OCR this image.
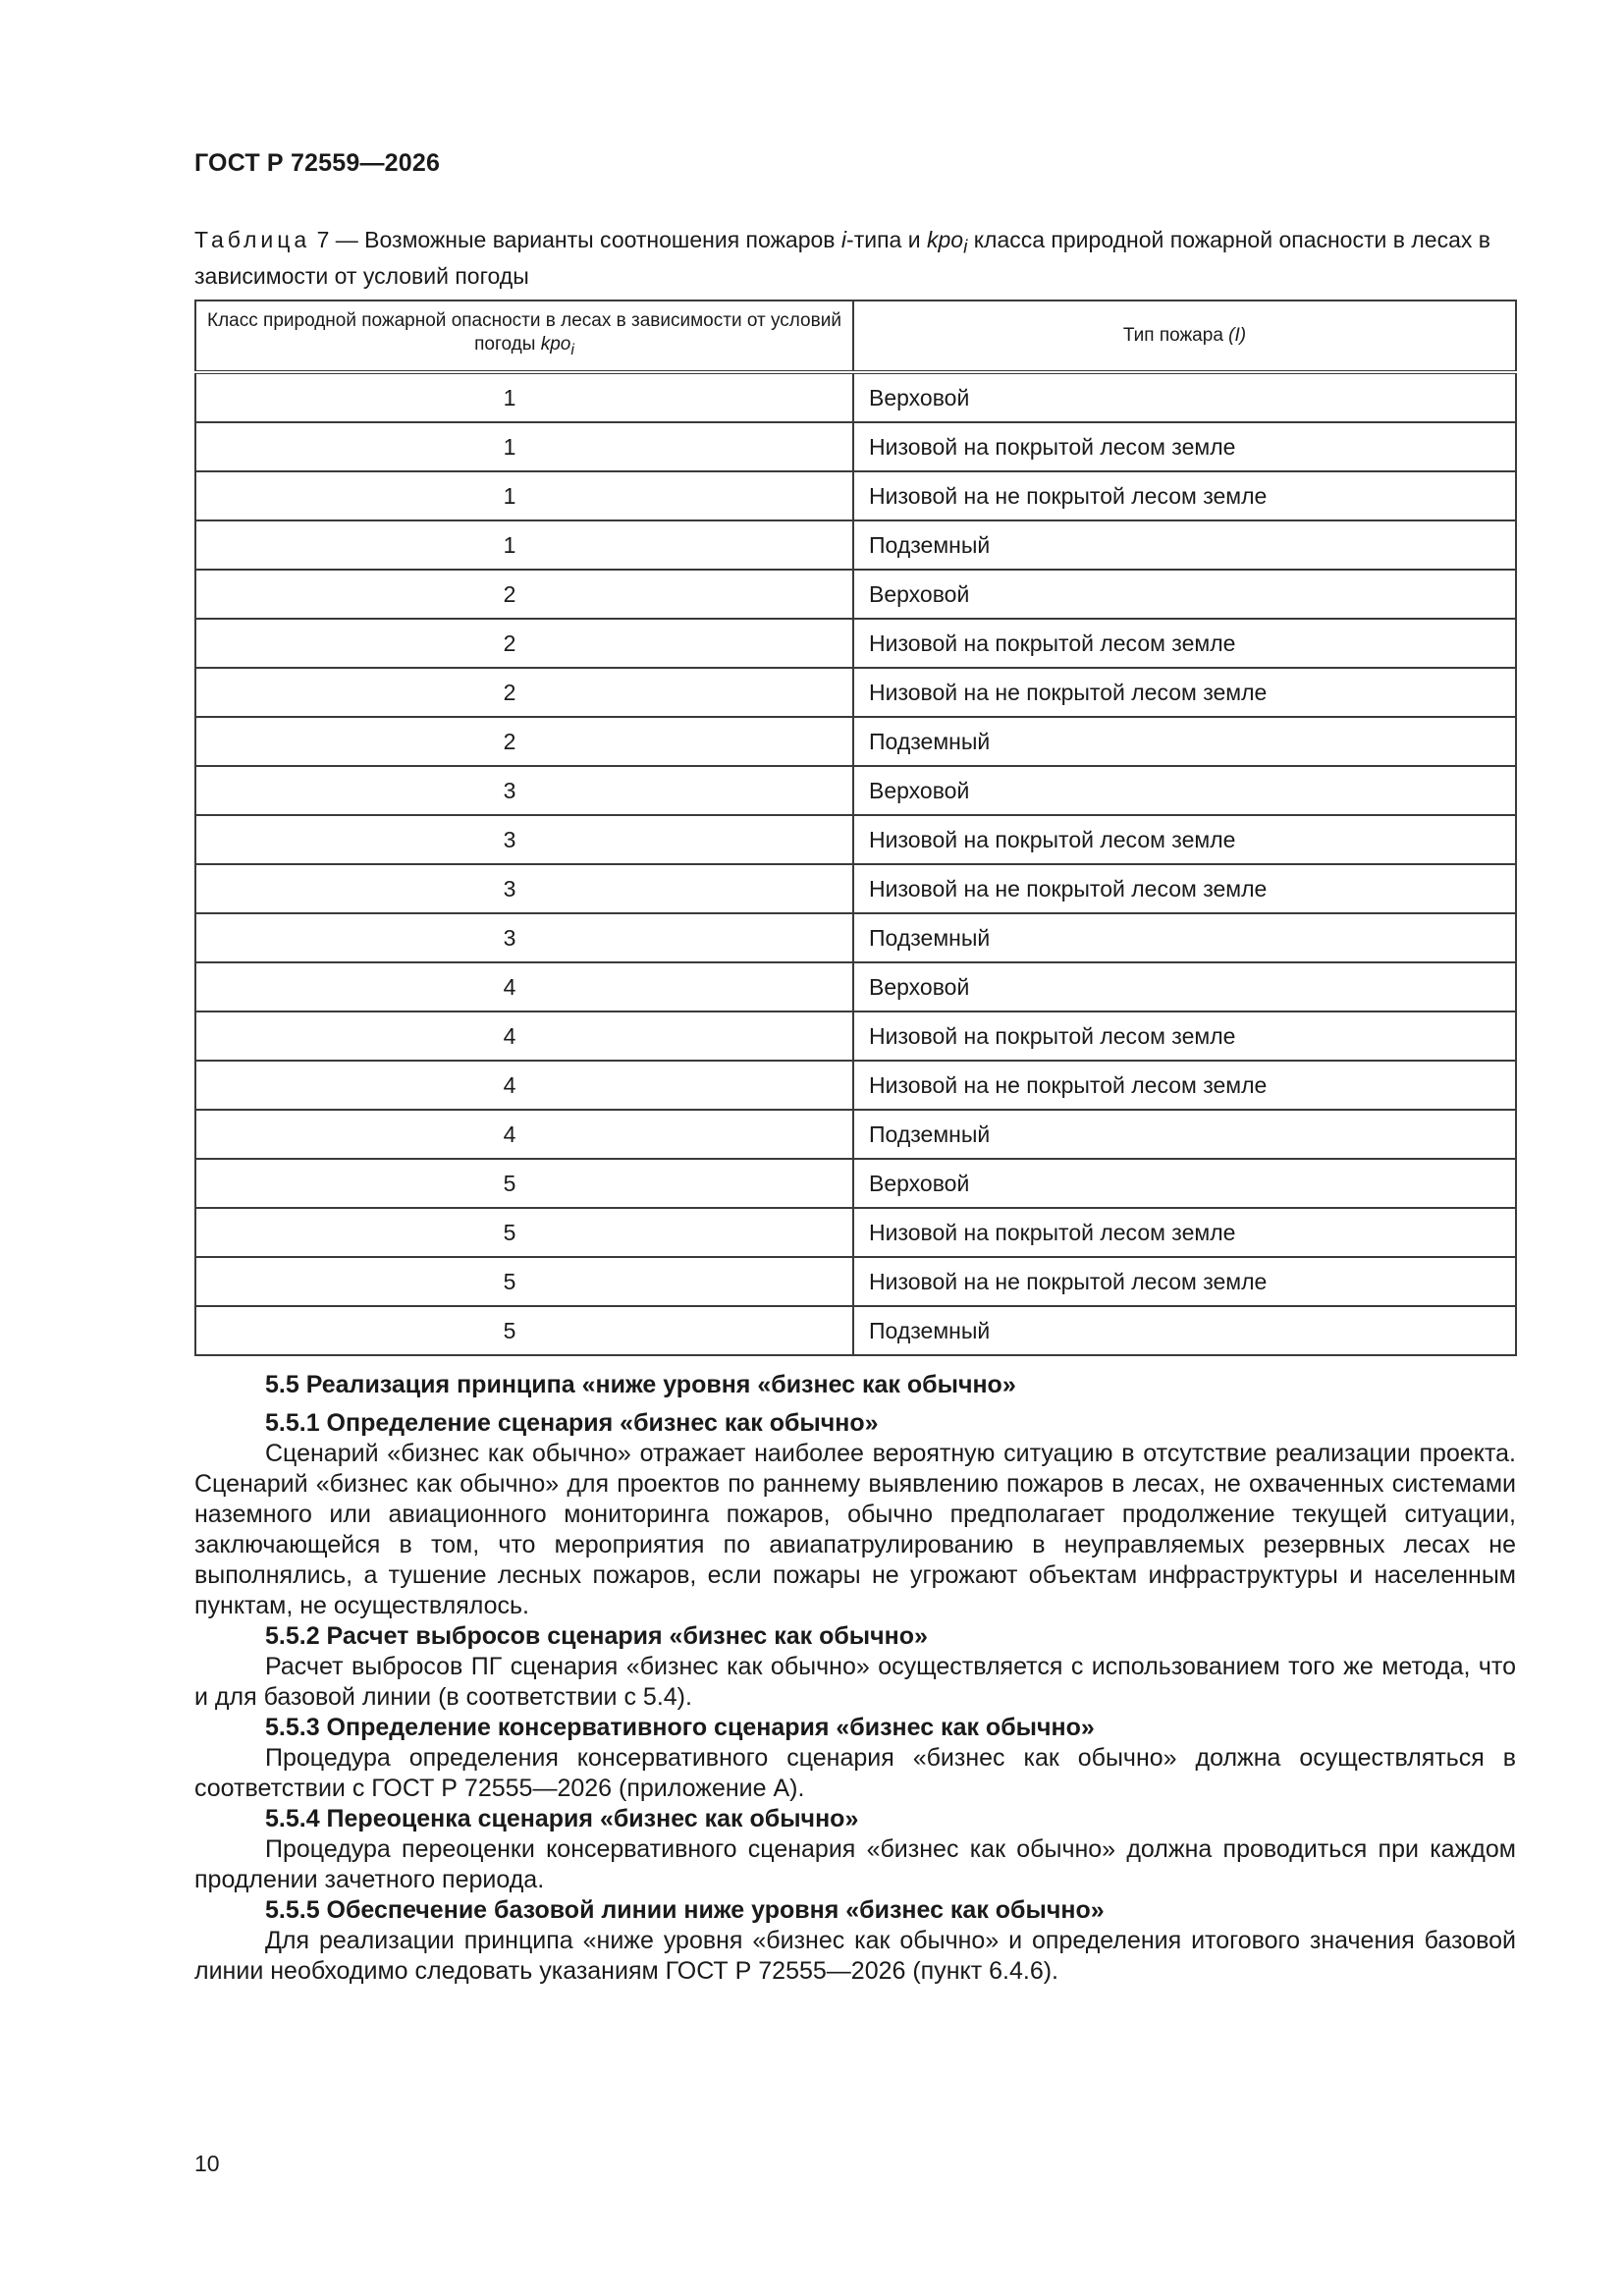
ГОСТ Р 72559—2026
Таблица 7 — Возможные варианты соотношения пожаров i-типа и kpo$_i$ класса природной пожарной опасности в лесах в зависимости от условий погоды
Класс природной пожарной опасности в лесах в зависимости от условий погоды kpo$_i$	Тип пожара (I)
1	Верховой
1	Низовой на покрытой лесом земле
1	Низовой на не покрытой лесом земле
1	Подземный
2	Верховой
2	Низовой на покрытой лесом земле
2	Низовой на не покрытой лесом земле
2	Подземный
3	Верховой
3	Низовой на покрытой лесом земле
3	Низовой на не покрытой лесом земле
3	Подземный
4	Верховой
4	Низовой на покрытой лесом земле
4	Низовой на не покрытой лесом земле
4	Подземный
5	Верховой
5	Низовой на покрытой лесом земле
5	Низовой на не покрытой лесом земле
5	Подземный
5.5 Реализация принципа «ниже уровня «бизнес как обычно»
5.5.1 Определение сценария «бизнес как обычно»
Сценарий «бизнес как обычно» отражает наиболее вероятную ситуацию в отсутствие реализации проекта. Сценарий «бизнес как обычно» для проектов по раннему выявлению пожаров в лесах, не охваченных системами наземного или авиационного мониторинга пожаров, обычно предполагает продолжение текущей ситуации, заключающейся в том, что мероприятия по авиапатрулированию в неуправляемых резервных лесах не выполнялись, а тушение лесных пожаров, если пожары не угрожают объектам инфраструктуры и населенным пунктам, не осуществлялось.
5.5.2 Расчет выбросов сценария «бизнес как обычно»
Расчет выбросов ПГ сценария «бизнес как обычно» осуществляется с использованием того же метода, что и для базовой линии (в соответствии с 5.4).
5.5.3 Определение консервативного сценария «бизнес как обычно»
Процедура определения консервативного сценария «бизнес как обычно» должна осуществляться в соответствии с ГОСТ Р 72555—2026 (приложение А).
5.5.4 Переоценка сценария «бизнес как обычно»
Процедура переоценки консервативного сценария «бизнес как обычно» должна проводиться при каждом продлении зачетного периода.
5.5.5 Обеспечение базовой линии ниже уровня «бизнес как обычно»
Для реализации принципа «ниже уровня «бизнес как обычно» и определения итогового значения базовой линии необходимо следовать указаниям ГОСТ Р 72555—2026 (пункт 6.4.6).
10
